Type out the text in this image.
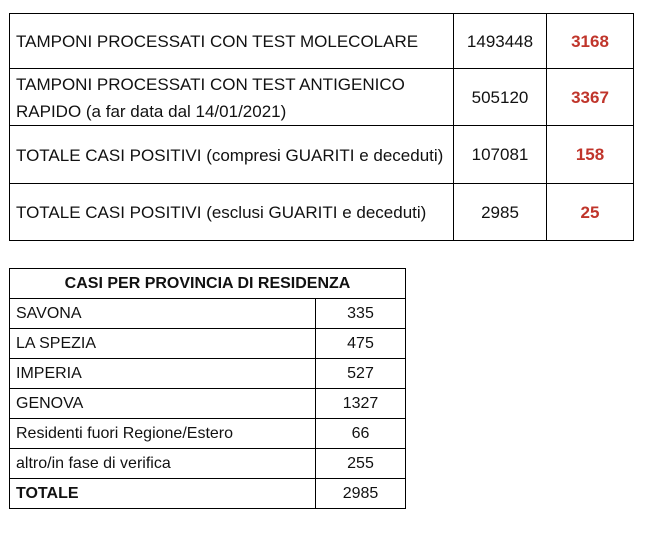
TAMPONI PROCESSATI CON TEST MOLECOLARE	1493448	3168
TAMPONI PROCESSATI CON TEST ANTIGENICO RAPIDO (a far data dal 14/01/2021)	505120	3367
TOTALE CASI POSITIVI (compresi GUARITI e deceduti)	107081	158
TOTALE CASI POSITIVI (esclusi GUARITI e deceduti)	2985	25
CASI PER PROVINCIA DI RESIDENZA	
SAVONA	335
LA SPEZIA	475
IMPERIA	527
GENOVA	1327
Residenti fuori Regione/Estero	66
altro/in fase di verifica	255
TOTALE	2985
